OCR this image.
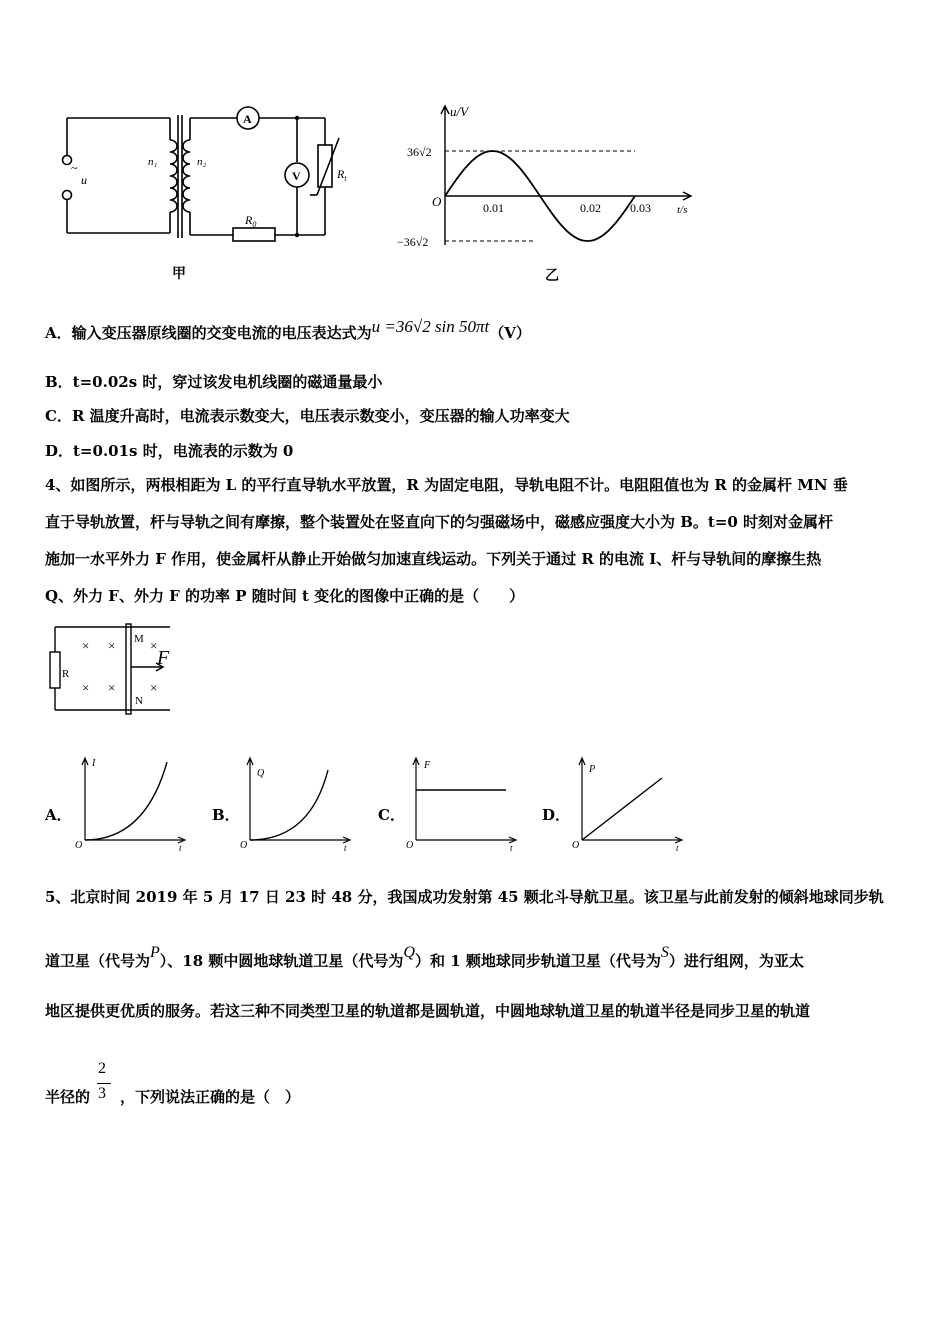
~
u
n₁	n₂
A
V	$R_t$
$R_0$
甲
u/V
t/s
O
36√2
−36√2
0.01	0.02 0.03
乙
A．输入变压器原线圈的交变电流的电压表达式为u =36√2 sin 50πt（V）
B．t=0.02s 时，穿过该发电机线圈的磁通量最小
C．R 温度升高时，电流表示数变大，电压表示数变小，变压器的输人功率变大
D．t=0.01s 时，电流表的示数为 0
4、如图所示，两根相距为 L 的平行直导轨水平放置，R 为固定电阻，导轨电阻不计。电阻阻值也为 R 的金属杆 MN 垂
直于导轨放置，杆与导轨之间有摩擦，整个装置处在竖直向下的匀强磁场中，磁感应强度大小为 B。t=0 时刻对金属杆
施加一水平外力 F 作用，使金属杆从静止开始做匀加速直线运动。下列关于通过 R 的电流 I、杆与导轨间的摩擦生热
Q、外力 F、外力 F 的功率 P 随时间 t 变化的图像中正确的是（　　）
× ×
× ×
×
×
R
M
N
F
A．	B．	C．	D．
I
O	t
Q
O	t
F
O	t
P
O	t
5、北京时间 2019 年 5 月 17 日 23 时 48 分，我国成功发射第 45 颗北斗导航卫星。该卫星与此前发射的倾斜地球同步轨
道卫星（代号为P）、18 颗中圆地球轨道卫星（代号为Q）和 1 颗地球同步轨道卫星（代号为S）进行组网，为亚太
地区提供更优质的服务。若这三种不同类型卫星的轨道都是圆轨道，中圆地球轨道卫星的轨道半径是同步卫星的轨道
半径的 ，下列说法正确的是（　）
2
3
